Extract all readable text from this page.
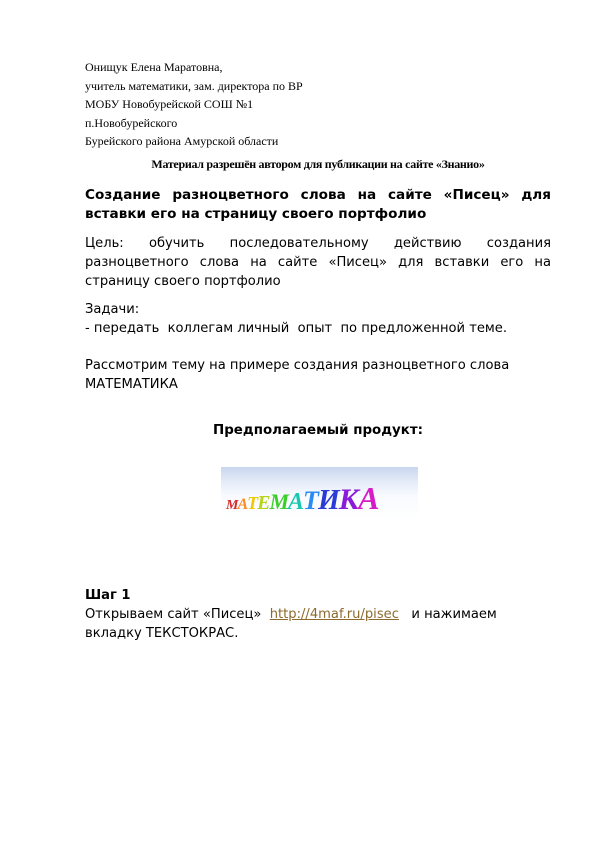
Онищук Елена Маратовна,
учитель математики, зам. директора по ВР
МОБУ Новобурейской СОШ №1
п.Новобурейского
Бурейского района Амурской области
Материал разрешён автором для публикации на сайте «Знанио»
Создание разноцветного слова на сайте «Писец» для вставки его на страницу своего портфолио
Цель: обучить последовательному действию создания разноцветного слова на сайте «Писец» для вставки его на страницу своего портфолио
Задачи:
- передать  коллегам личный  опыт  по предложенной теме.
Рассмотрим тему на примере создания разноцветного слова МАТЕМАТИКА
Предполагаемый продукт:
МАТЕМАТИКА
Шаг 1
Открываем сайт «Писец»  http://4maf.ru/pisec   и нажимаем вкладку ТЕКСТОКРАС.
